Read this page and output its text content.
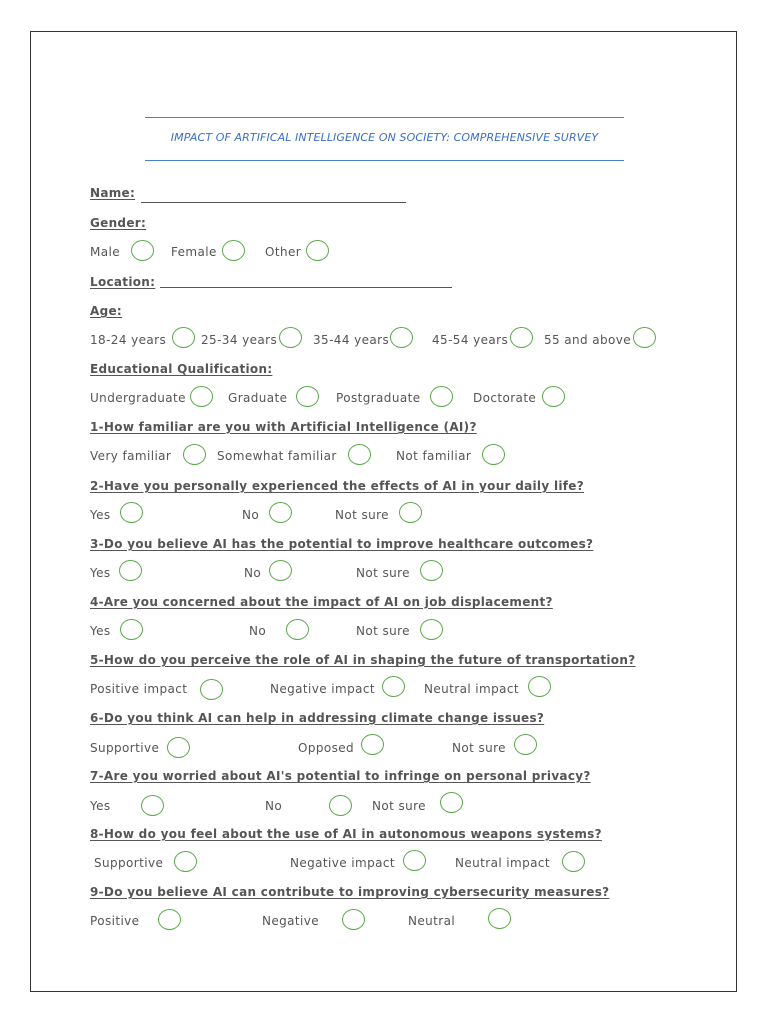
IMPACT OF ARTIFICAL INTELLIGENCE ON SOCIETY: COMPREHENSIVE SURVEY
Name:
Gender:
Male	Female	Other
Location:
Age:
18-24 years	25-34 years	35-44 years	45-54 years	55 and above
Educational Qualification:
Undergraduate	Graduate	Postgraduate	Doctorate
1-How familiar are you with Artificial Intelligence (AI)?
Very familiar	Somewhat familiar	Not familiar
2-Have you personally experienced the effects of AI in your daily life?
Yes	No	Not sure
3-Do you believe AI has the potential to improve healthcare outcomes?
Yes	No	Not sure
4-Are you concerned about the impact of AI on job displacement?
Yes	No	Not sure
5-How do you perceive the role of AI in shaping the future of transportation?
Positive impact	Negative impact	Neutral impact
6-Do you think AI can help in addressing climate change issues?
Supportive	Opposed	Not sure
7-Are you worried about AI's potential to infringe on personal privacy?
Yes	No	Not sure
8-How do you feel about the use of AI in autonomous weapons systems?
Supportive	Negative impact	Neutral impact
9-Do you believe AI can contribute to improving cybersecurity measures?
Positive	Negative	Neutral
